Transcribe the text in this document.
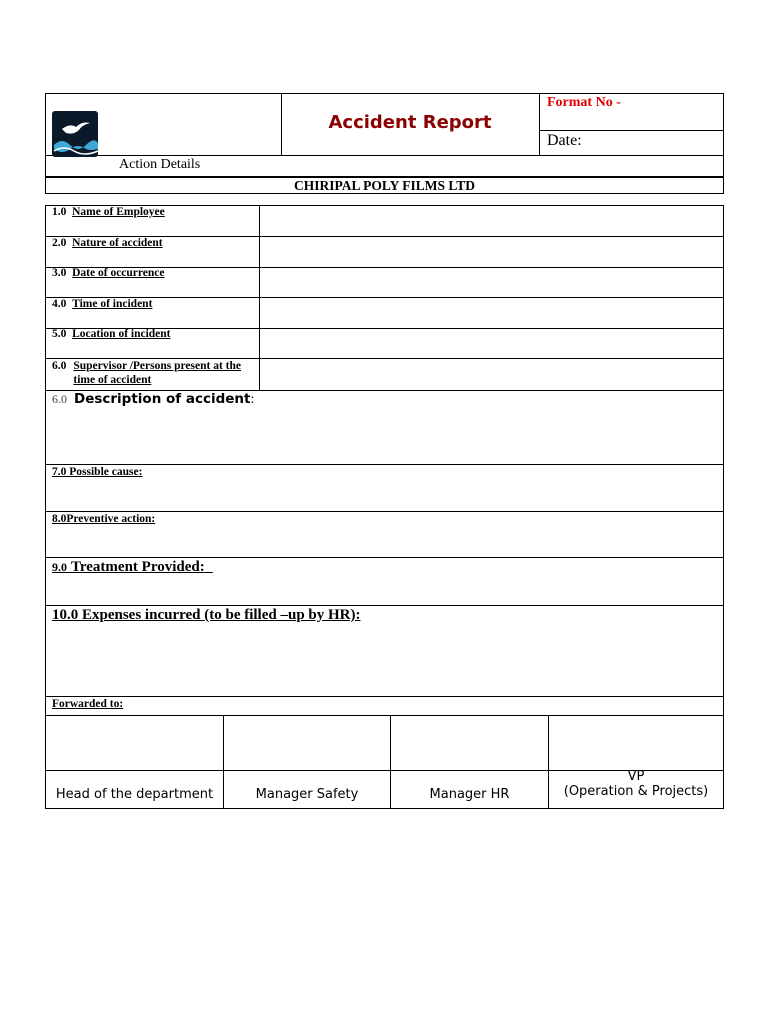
Accident Report
Format No -
Date:
Action Details
CHIRIPAL POLY FILMS LTD
1.0 Name of Employee
2.0 Nature of accident
3.0 Date of occurrence
4.0 Time of incident
5.0 Location of incident
6.0 Supervisor /Persons present at the time of accident
6.0 Description of accident:
7.0 Possible cause:
8.0Preventive action:
9.0 Treatment Provided:
10.0 Expenses incurred (to be filled –up by HR):
Forwarded to:
Head of the department	Manager Safety	Manager HR
VP
(Operation & Projects)
